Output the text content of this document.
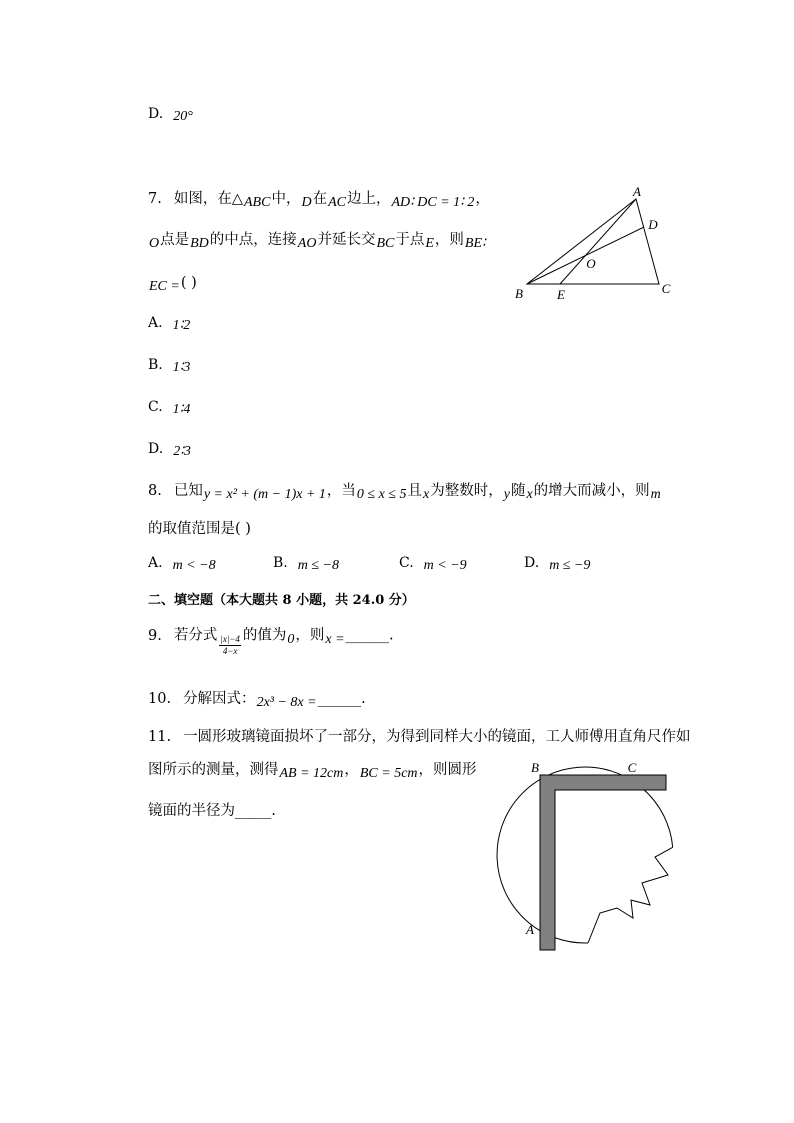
D. 20°
7. 如图，在△ABC中，D在AC边上，AD∶ DC = 1∶ 2，
O点是BD的中点，连接AO并延长交BC于点E，则BE∶
EC =( )
A
D
O
B	E	C
A. 1∶2
B. 1∶3
C. 1∶4
D. 2∶3
8. 已知y = x² + (m − 1)x + 1，当0 ≤ x ≤ 5且x为整数时，y随x的增大而减小，则m
的取值范围是( )
A. m < −8	B. m ≤ −8	C. m < −9	D. m ≤ −9
二、填空题（本大题共 8 小题，共 24.0 分）
9. 若分式 $\frac{|x|-4}{4-x}$ 的值为0，则x =______.
10. 分解因式：2x³ − 8x =______.
11. 一圆形玻璃镜面损坏了一部分，为得到同样大小的镜面，工人师傅用直角尺作如
图所示的测量，测得AB = 12cm，BC = 5cm，则圆形
镜面的半径为_____.
B	C
A
